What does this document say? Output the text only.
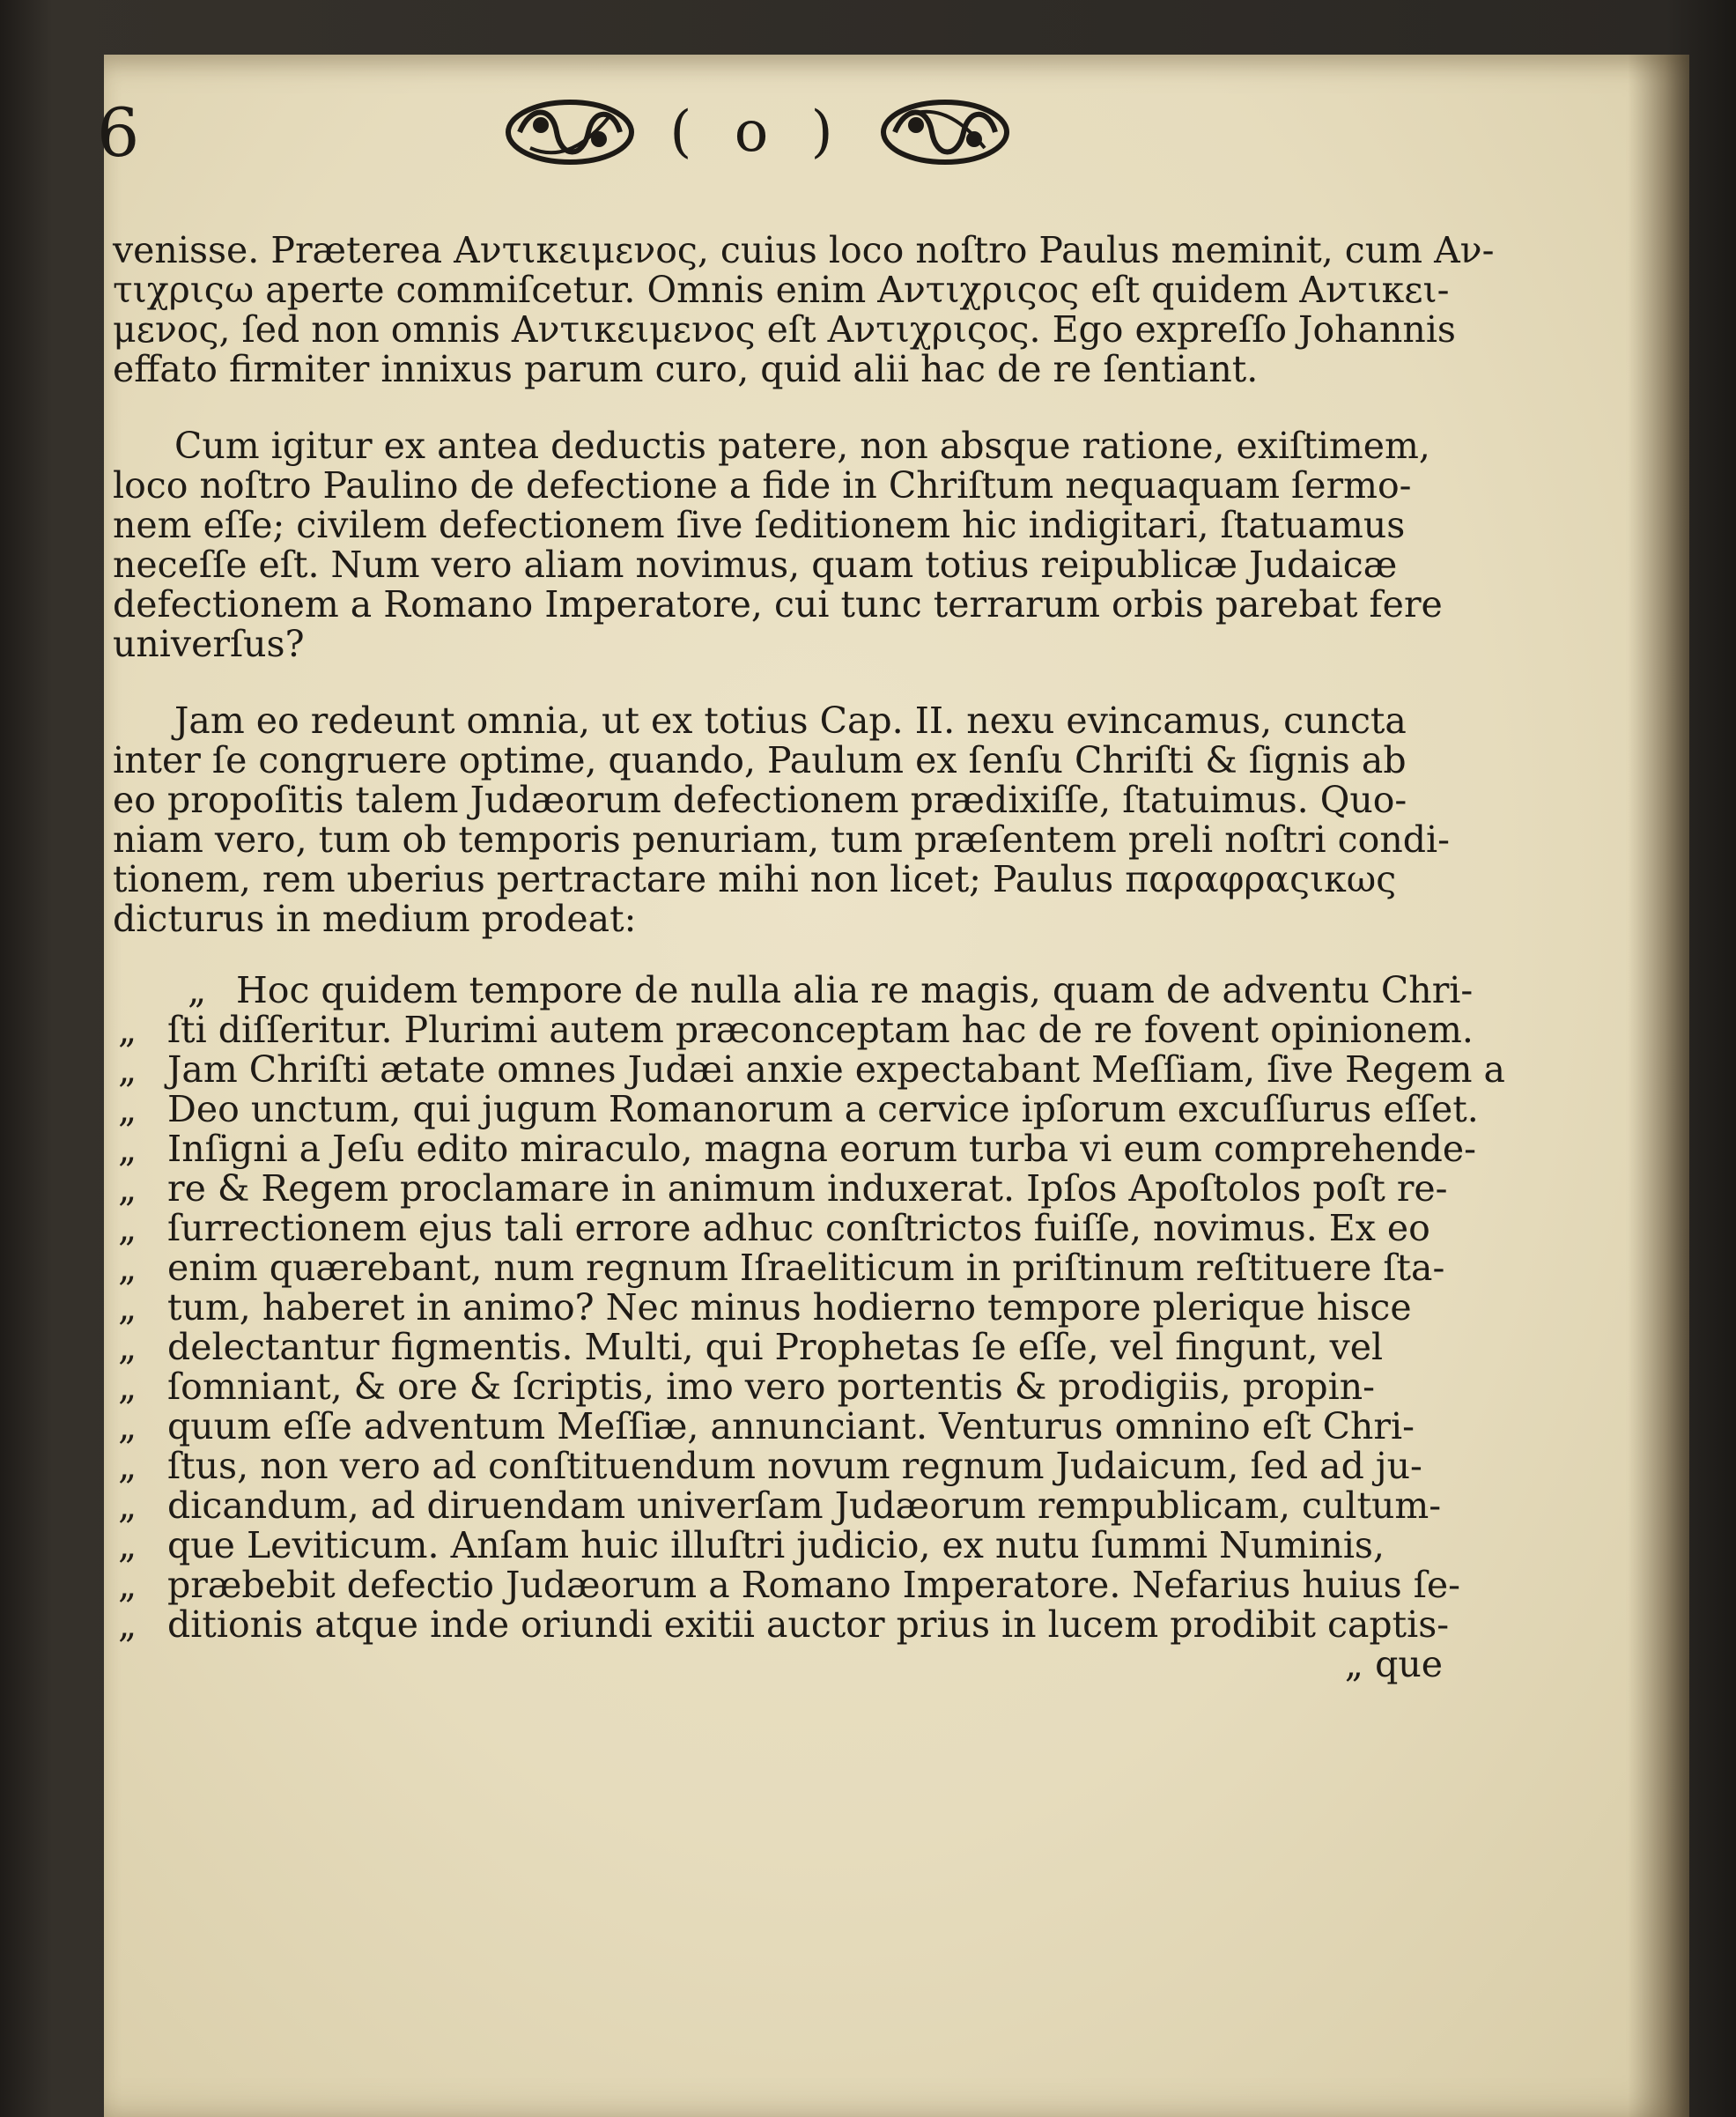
6	( o )
venisse. Præterea Αντικειμενος, cuius loco noſtro Paulus meminit, cum Αν-
τιχριςω aperte commiſcetur. Omnis enim Αντιχριςος eſt quidem Αντικει-
μενος, ſed non omnis Αντικειμενος eſt Αντιχριςος. Ego expreſſo Johannis
effato firmiter innixus parum curo, quid alii hac de re ſentiant.
Cum igitur ex antea deductis patere, non absque ratione, exiſtimem,
loco noſtro Paulino de defectione a fide in Chriſtum nequaquam ſermo-
nem eſſe; civilem defectionem ſive ſeditionem hic indigitari, ſtatuamus
neceſſe eſt. Num vero aliam novimus, quam totius reipublicæ Judaicæ
defectionem a Romano Imperatore, cui tunc terrarum orbis parebat fere
univerſus?
Jam eo redeunt omnia, ut ex totius Cap. II. nexu evincamus, cuncta
inter ſe congruere optime, quando, Paulum ex ſenſu Chriſti & ſignis ab
eo propoſitis talem Judæorum defectionem prædixiſſe, ſtatuimus. Quo-
niam vero, tum ob temporis penuriam, tum præſentem preli noſtri condi-
tionem, rem uberius pertractare mihi non licet; Paulus παραφραςικως
dicturus in medium prodeat:
„ Hoc quidem tempore de nulla alia re magis, quam de adventu Chri-
„ ſti diſſeritur. Plurimi autem præconceptam hac de re fovent opinionem.
„ Jam Chriſti ætate omnes Judæi anxie expectabant Meſſiam, ſive Regem a
„ Deo unctum, qui jugum Romanorum a cervice ipſorum excuſſurus eſſet.
„ Inſigni a Jeſu edito miraculo, magna eorum turba vi eum comprehende-
„ re & Regem proclamare in animum induxerat. Ipſos Apoſtolos poſt re-
„ ſurrectionem ejus tali errore adhuc conſtrictos fuiſſe, novimus. Ex eo
„ enim quærebant, num regnum Iſraeliticum in priſtinum reſtituere ſta-
„ tum, haberet in animo? Nec minus hodierno tempore plerique hisce
„ delectantur figmentis. Multi, qui Prophetas ſe eſſe, vel fingunt, vel
„ ſomniant, & ore & ſcriptis, imo vero portentis & prodigiis, propin-
„ quum eſſe adventum Meſſiæ, annunciant. Venturus omnino eſt Chri-
„ ſtus, non vero ad conſtituendum novum regnum Judaicum, ſed ad ju-
„ dicandum, ad diruendam univerſam Judæorum rempublicam, cultum-
„ que Leviticum. Anſam huic illuſtri judicio, ex nutu ſummi Numinis,
„ præbebit defectio Judæorum a Romano Imperatore. Nefarius huius ſe-
„ ditionis atque inde oriundi exitii auctor prius in lucem prodibit captis-
„ que
